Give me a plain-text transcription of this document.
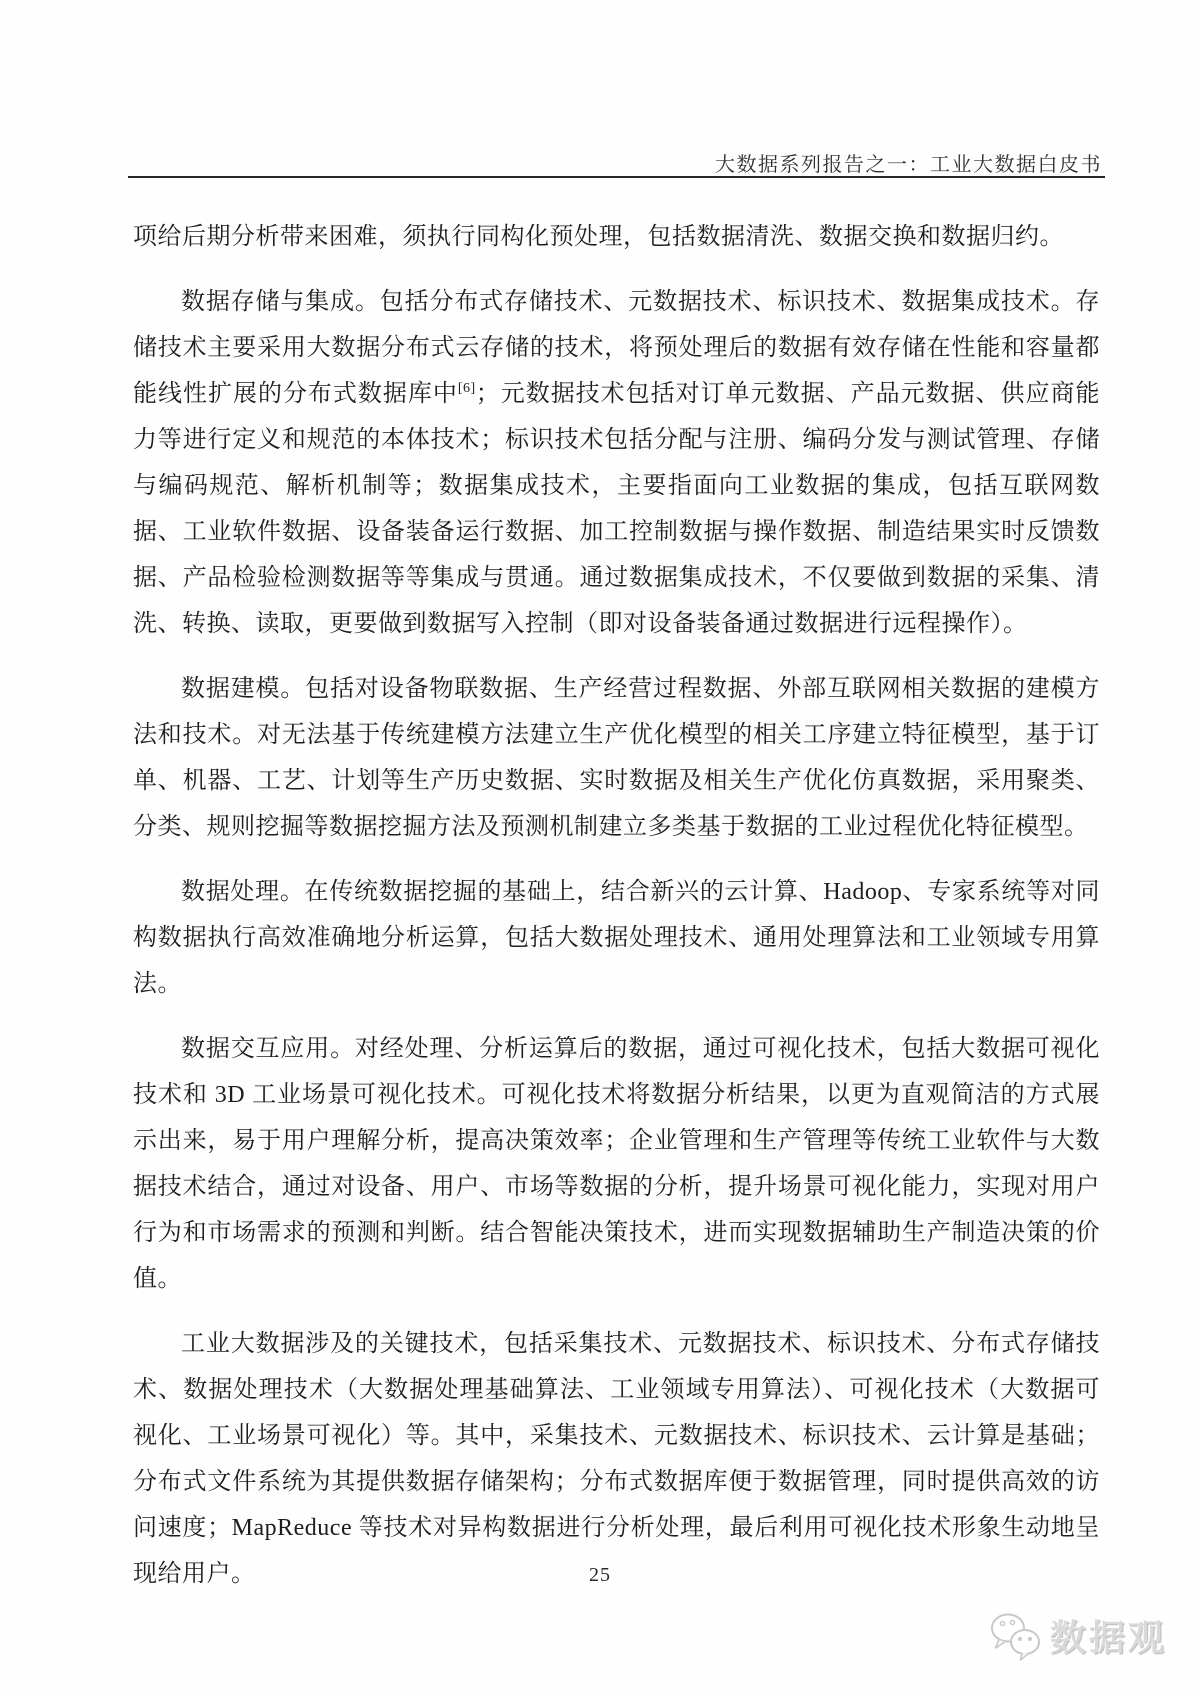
大数据系列报告之一：工业大数据白皮书

项给后期分析带来困难，须执行同构化预处理，包括数据清洗、数据交换和数据归约。

数据存储与集成。包括分布式存储技术、元数据技术、标识技术、数据集成技术。存储技术主要采用大数据分布式云存储的技术，将预处理后的数据有效存储在性能和容量都能线性扩展的分布式数据库中[6]；元数据技术包括对订单元数据、产品元数据、供应商能力等进行定义和规范的本体技术；标识技术包括分配与注册、编码分发与测试管理、存储与编码规范、解析机制等；数据集成技术，主要指面向工业数据的集成，包括互联网数据、工业软件数据、设备装备运行数据、加工控制数据与操作数据、制造结果实时反馈数据、产品检验检测数据等等集成与贯通。通过数据集成技术，不仅要做到数据的采集、清洗、转换、读取，更要做到数据写入控制（即对设备装备通过数据进行远程操作）。

数据建模。包括对设备物联数据、生产经营过程数据、外部互联网相关数据的建模方法和技术。对无法基于传统建模方法建立生产优化模型的相关工序建立特征模型，基于订单、机器、工艺、计划等生产历史数据、实时数据及相关生产优化仿真数据，采用聚类、分类、规则挖掘等数据挖掘方法及预测机制建立多类基于数据的工业过程优化特征模型。

数据处理。在传统数据挖掘的基础上，结合新兴的云计算、Hadoop、专家系统等对同构数据执行高效准确地分析运算，包括大数据处理技术、通用处理算法和工业领域专用算法。

数据交互应用。对经处理、分析运算后的数据，通过可视化技术，包括大数据可视化技术和 3D 工业场景可视化技术。可视化技术将数据分析结果，以更为直观简洁的方式展示出来，易于用户理解分析，提高决策效率；企业管理和生产管理等传统工业软件与大数据技术结合，通过对设备、用户、市场等数据的分析，提升场景可视化能力，实现对用户行为和市场需求的预测和判断。结合智能决策技术，进而实现数据辅助生产制造决策的价值。

工业大数据涉及的关键技术，包括采集技术、元数据技术、标识技术、分布式存储技术、数据处理技术（大数据处理基础算法、工业领域专用算法）、可视化技术（大数据可视化、工业场景可视化）等。其中，采集技术、元数据技术、标识技术、云计算是基础；分布式文件系统为其提供数据存储架构；分布式数据库便于数据管理，同时提供高效的访问速度；MapReduce 等技术对异构数据进行分析处理，最后利用可视化技术形象生动地呈现给用户。	25
数据观
